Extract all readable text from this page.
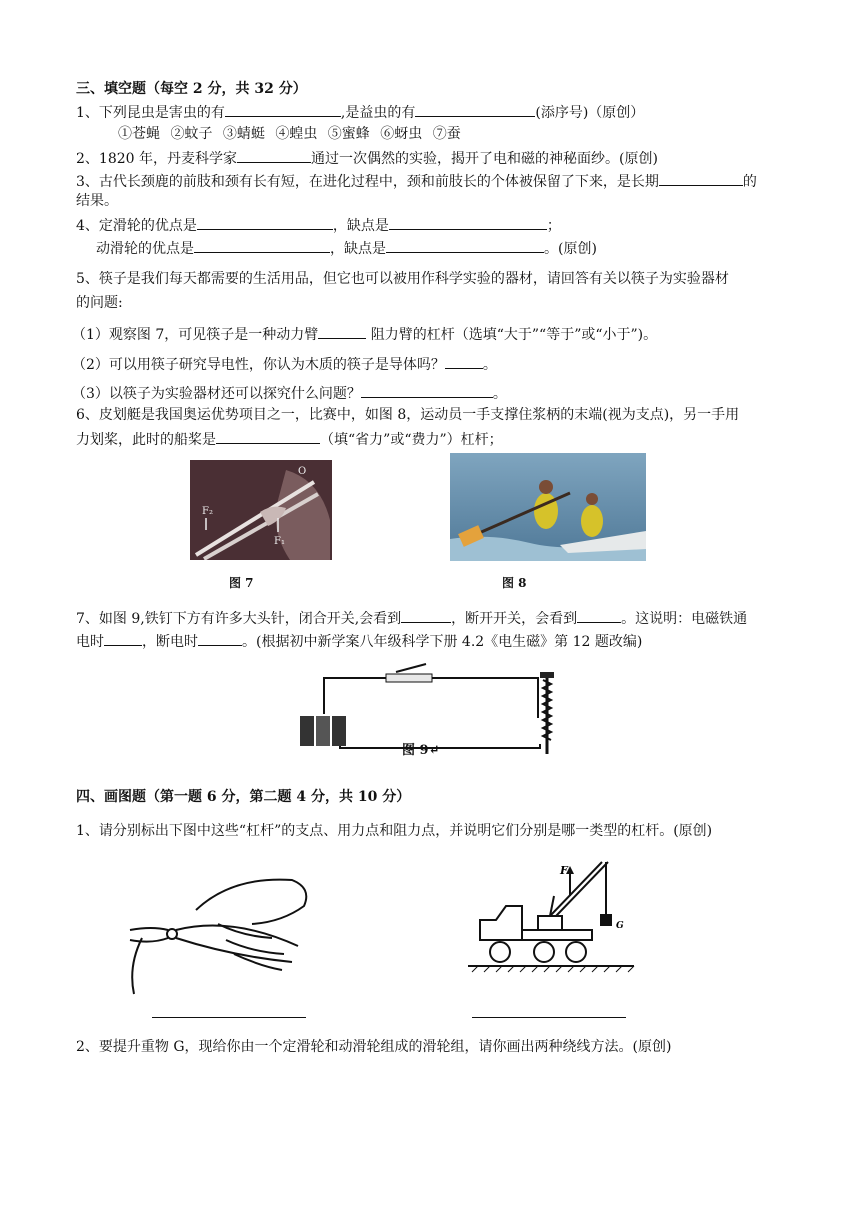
三、填空题（每空 2 分，共 32 分）
1、下列昆虫是害虫的有	,是益虫的有	(添序号)（原创）
①苍蝇 ②蚊子 ③蜻蜓 ④蝗虫 ⑤蜜蜂 ⑥蚜虫 ⑦蚕
2、1820 年，丹麦科学家	通过一次偶然的实验，揭开了电和磁的神秘面纱。(原创)
3、古代长颈鹿的前肢和颈有长有短，在进化过程中，颈和前肢长的个体被保留了下来，是长期	的
结果。
4、定滑轮的优点是	，缺点是	；
动滑轮的优点是	，缺点是	。(原创)
5、筷子是我们每天都需要的生活用品，但它也可以被用作科学实验的器材，请回答有关以筷子为实验器材
的问题:
（1）观察图 7，可见筷子是一种动力臂	阻力臂的杠杆（选填“大于”“等于”或“小于”)。
（2）可以用筷子研究导电性，你认为木质的筷子是导体吗？	。
（3）以筷子为实验器材还可以探究什么问题？	。
6、皮划艇是我国奥运优势项目之一，比赛中，如图 8，运动员一手支撑住浆柄的末端(视为支点)，另一手用
力划桨，此时的船桨是	（填“省力”或“费力”）杠杆；
O
F₂
F₁
图 7	图 8
7、如图 9,铁钉下方有许多大头针，闭合开关,会看到	，断开开关，会看到	。这说明：电磁铁通
电时	，断电时	。(根据初中新学案八年级科学下册 4.2《电生磁》第 12 题改编)
图 9↵
四、画图题（第一题 6 分，第二题 4 分，共 10 分）
1、请分别标出下图中这些“杠杆”的支点、用力点和阻力点，并说明它们分别是哪一类型的杠杆。(原创)
F
G
2、要提升重物 G，现给你由一个定滑轮和动滑轮组成的滑轮组，请你画出两种绕线方法。(原创)
